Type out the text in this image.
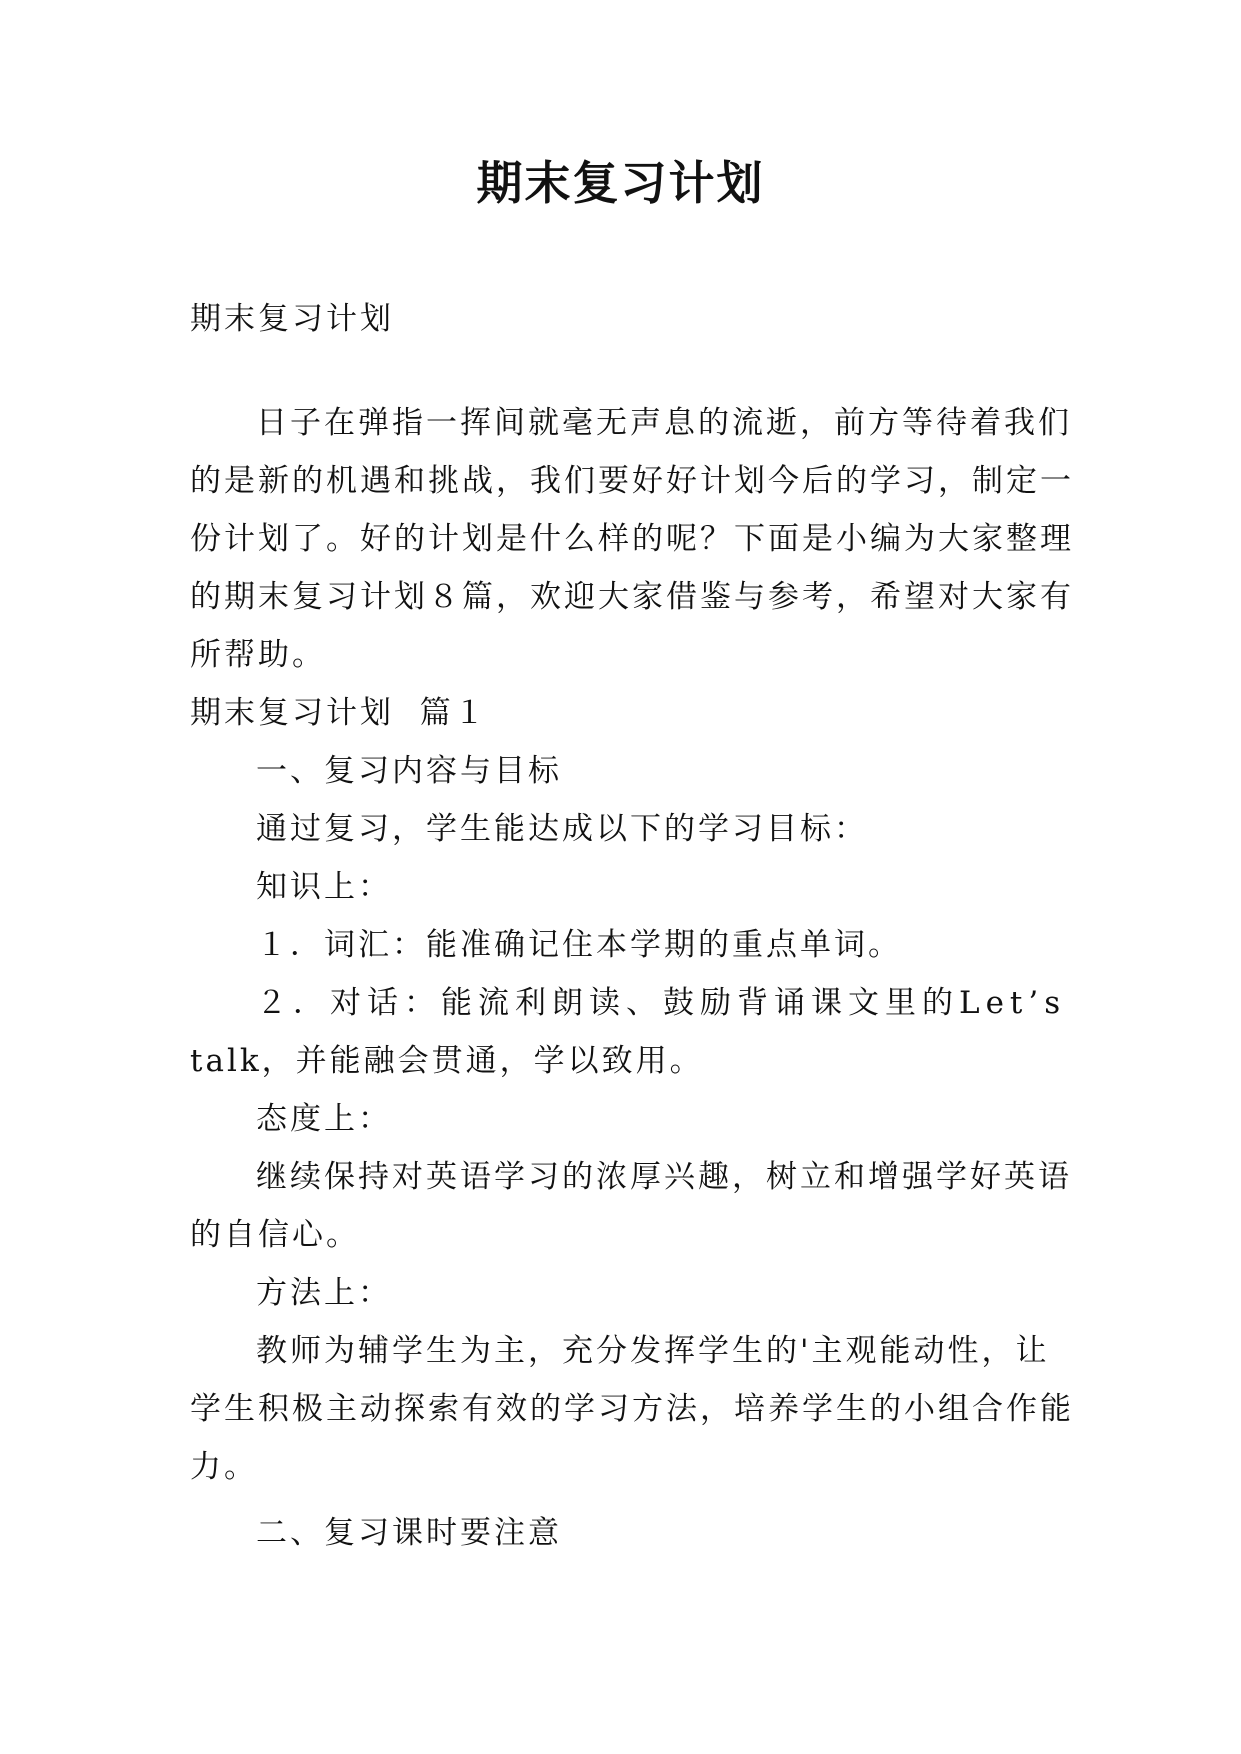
期末复习计划
期末复习计划
日子在弹指一挥间就毫无声息的流逝，前方等待着我们
的是新的机遇和挑战，我们要好好计划今后的学习，制定一
份计划了。好的计划是什么样的呢？下面是小编为大家整理
的期末复习计划８篇，欢迎大家借鉴与参考，希望对大家有
所帮助。
期末复习计划  篇１
一、复习内容与目标
通过复习，学生能达成以下的学习目标：
知识上：
１．词汇：能准确记住本学期的重点单词。
２．对话：能流利朗读、鼓励背诵课文里的Let’s
talk，并能融会贯通，学以致用。
态度上：
继续保持对英语学习的浓厚兴趣，树立和增强学好英语
的自信心。
方法上：
教师为辅学生为主，充分发挥学生的'主观能动性，让
学生积极主动探索有效的学习方法，培养学生的小组合作能
力。
二、复习课时要注意
